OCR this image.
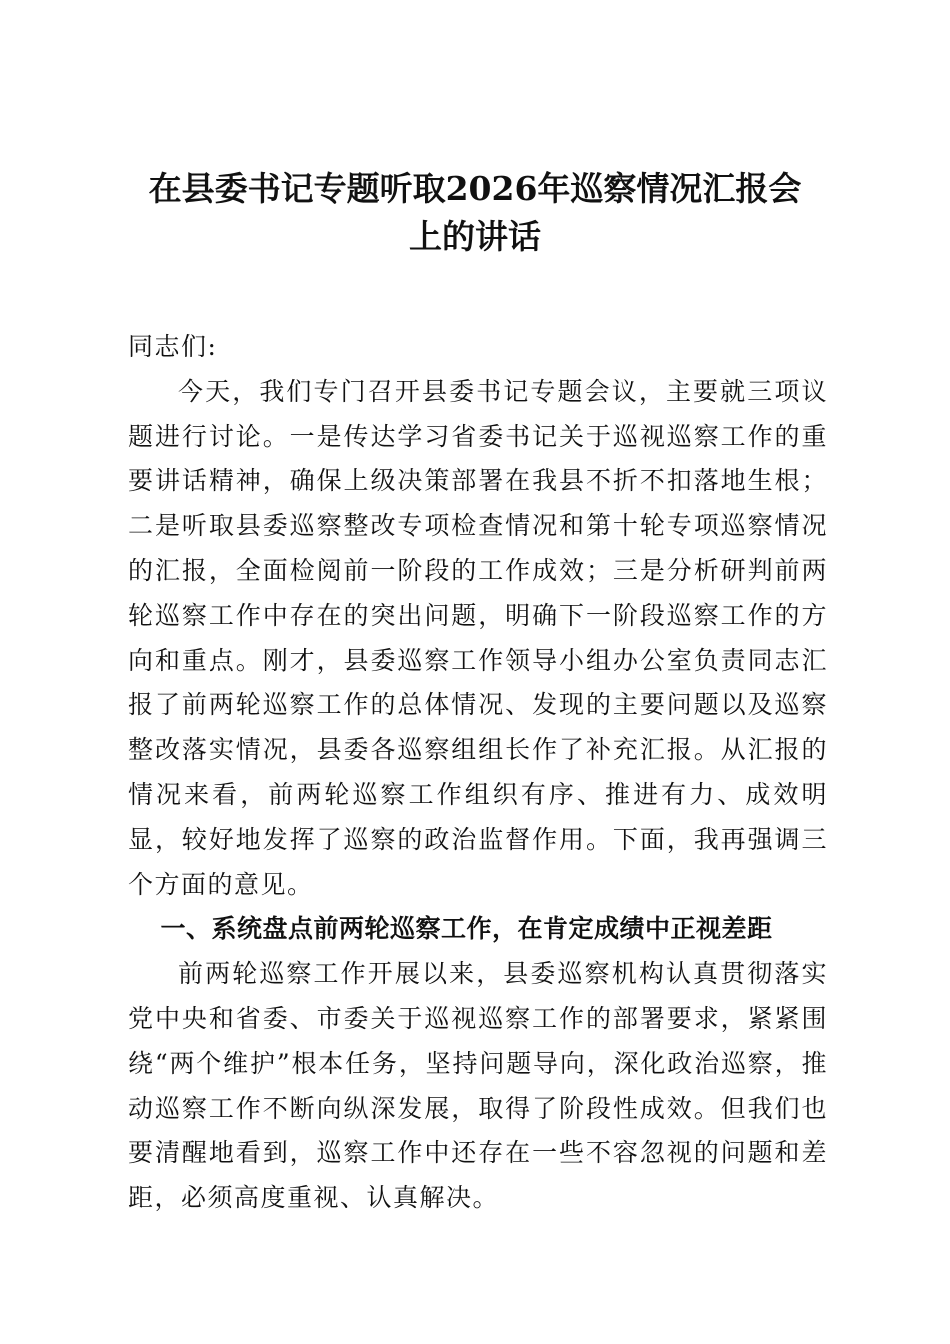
在县委书记专题听取2026年巡察情况汇报会
上的讲话

同志们:

今天，我们专门召开县委书记专题会议，主要就三项议题进行讨论。一是传达学习省委书记关于巡视巡察工作的重要讲话精神，确保上级决策部署在我县不折不扣落地生根；二是听取县委巡察整改专项检查情况和第十轮专项巡察情况的汇报，全面检阅前一阶段的工作成效；三是分析研判前两轮巡察工作中存在的突出问题，明确下一阶段巡察工作的方向和重点。刚才，县委巡察工作领导小组办公室负责同志汇报了前两轮巡察工作的总体情况、发现的主要问题以及巡察整改落实情况，县委各巡察组组长作了补充汇报。从汇报的情况来看，前两轮巡察工作组织有序、推进有力、成效明显，较好地发挥了巡察的政治监督作用。下面，我再强调三个方面的意见。

一、系统盘点前两轮巡察工作，在肯定成绩中正视差距

前两轮巡察工作开展以来，县委巡察机构认真贯彻落实党中央和省委、市委关于巡视巡察工作的部署要求，紧紧围绕“两个维护”根本任务，坚持问题导向，深化政治巡察，推动巡察工作不断向纵深发展，取得了阶段性成效。但我们也要清醒地看到，巡察工作中还存在一些不容忽视的问题和差距，必须高度重视、认真解决。
